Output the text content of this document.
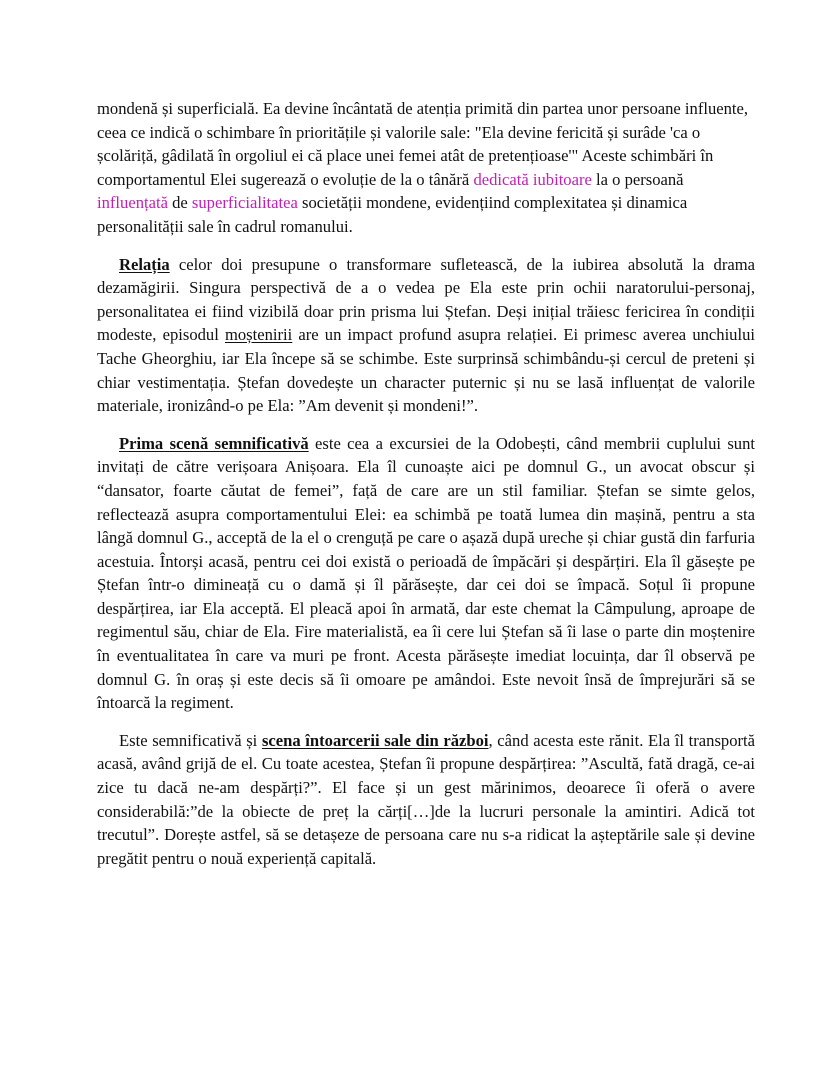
mondenă și superficială. Ea devine încântată de atenția primită din partea unor persoane influente, ceea ce indică o schimbare în prioritățile și valorile sale: "Ela devine fericită și surâde 'ca o școlăriță, gâdilată în orgoliul ei că place unei femei atât de pretențioase'" Aceste schimbări în comportamentul Elei sugerează o evoluție de la o tânără dedicată iubitoare la o persoană influențată de superficialitatea societății mondene, evidențiind complexitatea și dinamica personalității sale în cadrul romanului.

Relația celor doi presupune o transformare sufletească, de la iubirea absolută la drama dezamăgirii. Singura perspectivă de a o vedea pe Ela este prin ochii naratorului-personaj, personalitatea ei fiind vizibilă doar prin prisma lui Ștefan. Deși inițial trăiesc fericirea în condiții modeste, episodul moștenirii are un impact profund asupra relației. Ei primesc averea unchiului Tache Gheorghiu, iar Ela începe să se schimbe. Este surprinsă schimbându-și cercul de preteni și chiar vestimentația. Ștefan dovedește un character puternic și nu se lasă influențat de valorile materiale, ironizând-o pe Ela: ”Am devenit și mondeni!”.

Prima scenă semnificativă este cea a excursiei de la Odobești, când membrii cuplului sunt invitați de către verișoara Anișoara. Ela îl cunoaște aici pe domnul G., un avocat obscur și “dansator, foarte căutat de femei”, față de care are un stil familiar. Ștefan se simte gelos, reflectează asupra comportamentului Elei: ea schimbă pe toată lumea din mașină, pentru a sta lângă domnul G., acceptă de la el o crenguță pe care o așază după ureche și chiar gustă din farfuria acestuia. Întorși acasă, pentru cei doi există o perioadă de împăcări și despărțiri. Ela îl găsește pe Ștefan într-o dimineață cu o damă și îl părăsește, dar cei doi se împacă. Soțul îi propune despărțirea, iar Ela acceptă. El pleacă apoi în armată, dar este chemat la Câmpulung, aproape de regimentul său, chiar de Ela. Fire materialistă, ea îi cere lui Ștefan să îi lase o parte din moștenire în eventualitatea în care va muri pe front. Acesta părăsește imediat locuința, dar îl observă pe domnul G. în oraș și este decis să îi omoare pe amândoi. Este nevoit însă de împrejurări să se întoarcă la regiment.

Este semnificativă și scena întoarcerii sale din război, când acesta este rănit. Ela îl transportă acasă, având grijă de el. Cu toate acestea, Ștefan îi propune despărțirea: ”Ascultă, fată dragă, ce-ai zice tu dacă ne-am despărți?”. El face și un gest mărinimos, deoarece îi oferă o avere considerabilă:”de la obiecte de preț la cărți[…]de la lucruri personale la amintiri. Adică tot trecutul”. Dorește astfel, să se detașeze de persoana care nu s-a ridicat la așteptările sale și devine pregătit pentru o nouă experiență capitală.
